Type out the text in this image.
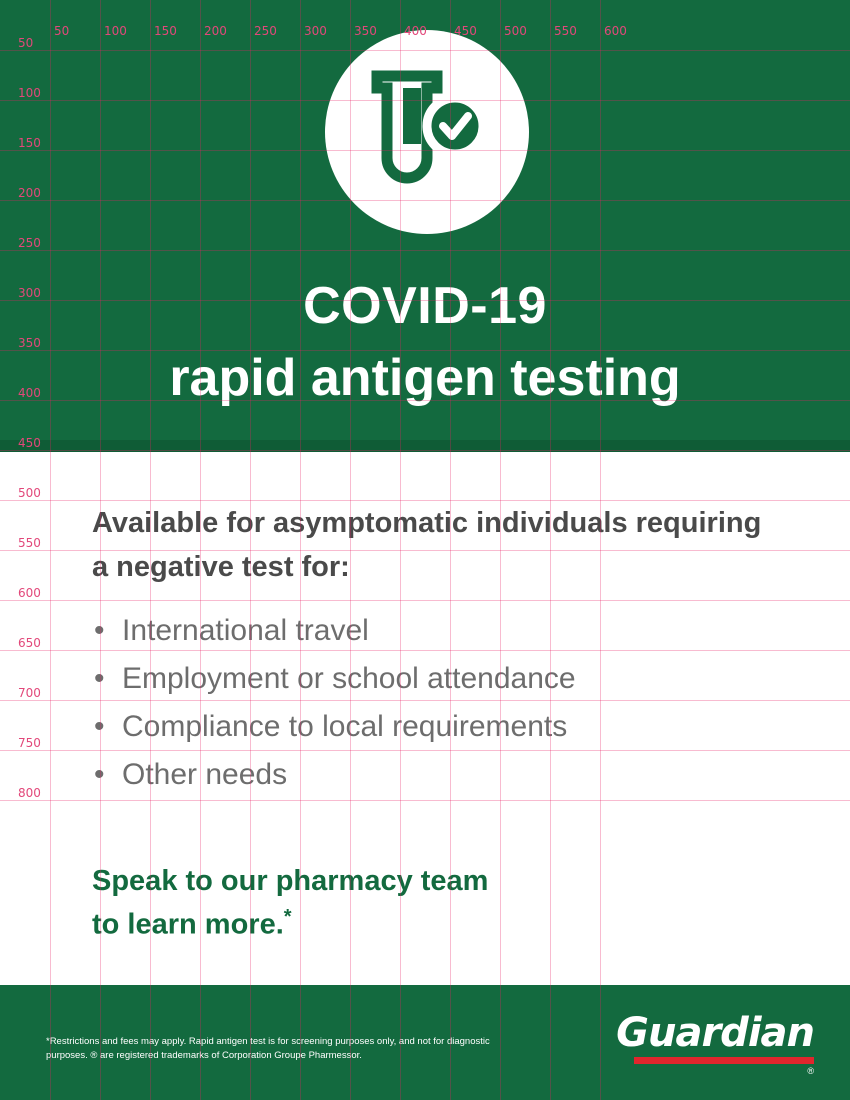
COVID-19
rapid antigen testing
Available for asymptomatic individuals requiring a negative test for:
• International travel
• Employment or school attendance
• Compliance to local requirements
• Other needs
Speak to our pharmacy team
to learn more.*
*Restrictions and fees may apply. Rapid antigen test is for screening purposes only, and not for diagnostic purposes. ® are registered trademarks of Corporation Groupe Pharmessor.	Guardian
®
50	100 150 200 250 300 350 400 450 500 550 600
50
100
150
200
250
300
350
400
450
500
550
600
650
700
750
800
